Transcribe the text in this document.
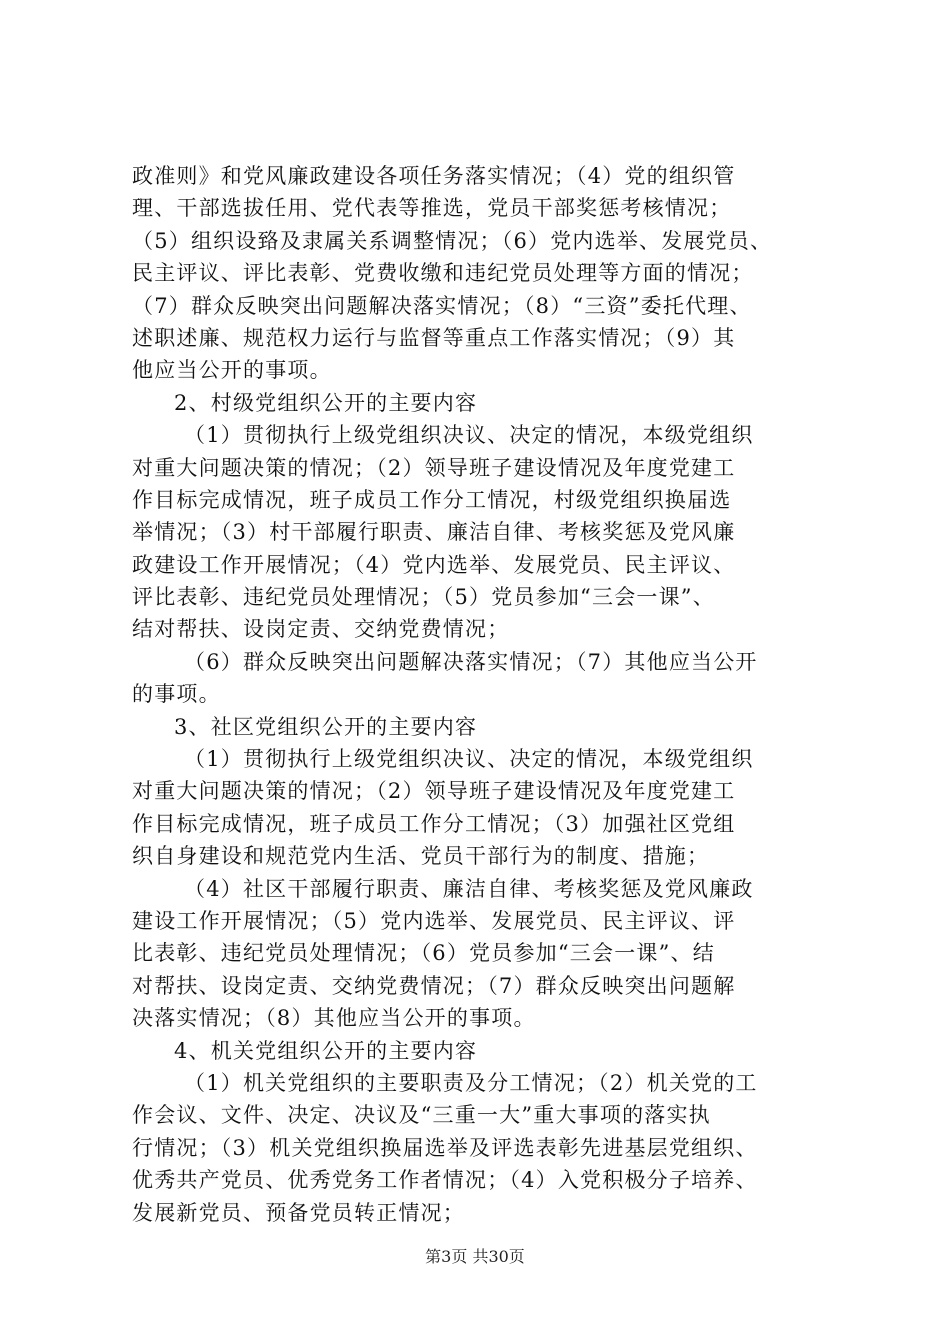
政准则》和党风廉政建设各项任务落实情况；（4）党的组织管
理、干部选拔任用、党代表等推选，党员干部奖惩考核情况；
（5）组织设臵及隶属关系调整情况；（6）党内选举、发展党员、
民主评议、评比表彰、党费收缴和违纪党员处理等方面的情况；
（7）群众反映突出问题解决落实情况；（8）“三资”委托代理、
述职述廉、规范权力运行与监督等重点工作落实情况；（9）其
他应当公开的事项。
2、村级党组织公开的主要内容
（1）贯彻执行上级党组织决议、决定的情况，本级党组织
对重大问题决策的情况；（2）领导班子建设情况及年度党建工
作目标完成情况，班子成员工作分工情况，村级党组织换届选
举情况；（3）村干部履行职责、廉洁自律、考核奖惩及党风廉
政建设工作开展情况；（4）党内选举、发展党员、民主评议、
评比表彰、违纪党员处理情况；（5）党员参加“三会一课”、
结对帮扶、设岗定责、交纳党费情况；
（6）群众反映突出问题解决落实情况；（7）其他应当公开
的事项。
3、社区党组织公开的主要内容
（1）贯彻执行上级党组织决议、决定的情况，本级党组织
对重大问题决策的情况；（2）领导班子建设情况及年度党建工
作目标完成情况，班子成员工作分工情况；（3）加强社区党组
织自身建设和规范党内生活、党员干部行为的制度、措施；
（4）社区干部履行职责、廉洁自律、考核奖惩及党风廉政
建设工作开展情况；（5）党内选举、发展党员、民主评议、评
比表彰、违纪党员处理情况；（6）党员参加“三会一课”、结
对帮扶、设岗定责、交纳党费情况；（7）群众反映突出问题解
决落实情况；（8）其他应当公开的事项。
4、机关党组织公开的主要内容
（1）机关党组织的主要职责及分工情况；（2）机关党的工
作会议、文件、决定、决议及“三重一大”重大事项的落实执
行情况；（3）机关党组织换届选举及评选表彰先进基层党组织、
优秀共产党员、优秀党务工作者情况；（4）入党积极分子培养、
发展新党员、预备党员转正情况；
第3页 共30页
